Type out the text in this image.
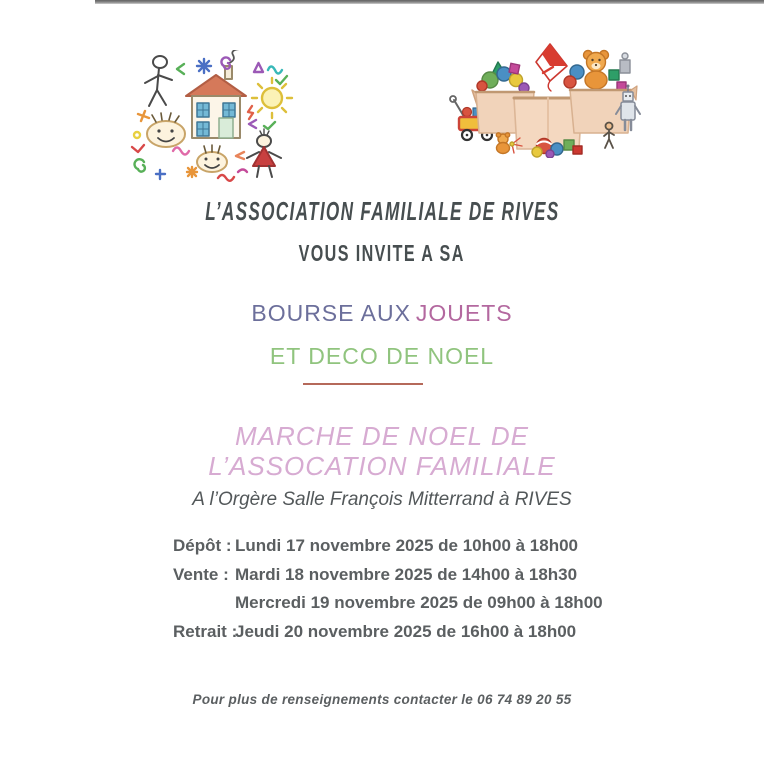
L’ASSOCIATION FAMILIALE DE RIVES
VOUS INVITE A SA
BOURSE AUX JOUETS
ET DECO DE NOEL
MARCHE DE NOEL DE
L’ASSOCATION FAMILIALE
A l’Orgère Salle François Mitterrand à RIVES
Dépôt : Lundi 17 novembre 2025 de 10h00 à 18h00
Vente : Mardi 18 novembre 2025 de 14h00 à 18h30
Mercredi 19 novembre 2025 de 09h00 à 18h00
Retrait :
Jeudi 20 novembre 2025 de 16h00 à 18h00
Pour plus de renseignements contacter le 06 74 89 20 55
